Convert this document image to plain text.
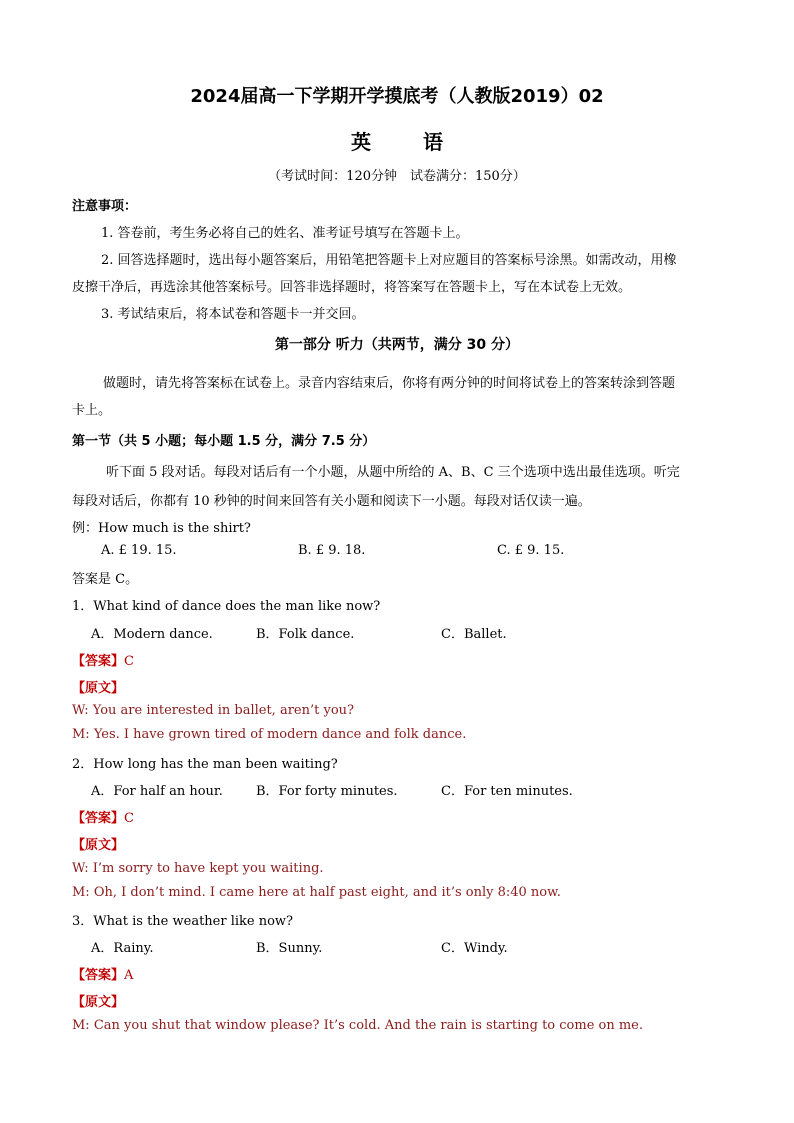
2024届高一下学期开学摸底考（人教版2019）02
英	语
（考试时间：120分钟　试卷满分：150分）
注意事项：
1. 答卷前，考生务必将自己的姓名、准考证号填写在答题卡上。
2. 回答选择题时，选出每小题答案后，用铅笔把答题卡上对应题目的答案标号涂黑。如需改动，用橡
皮擦干净后，再选涂其他答案标号。回答非选择题时，将答案写在答题卡上，写在本试卷上无效。
3. 考试结束后，将本试卷和答题卡一并交回。
第一部分 听力（共两节，满分 30 分）
做题时，请先将答案标在试卷上。录音内容结束后，你将有两分钟的时间将试卷上的答案转涂到答题
卡上。
第一节（共 5 小题；每小题 1.5 分，满分 7.5 分）
听下面 5 段对话。每段对话后有一个小题，从题中所给的 A、B、C 三个选项中选出最佳选项。听完
每段对话后，你都有 10 秒钟的时间来回答有关小题和阅读下一小题。每段对话仅读一遍。
例：How much is the shirt?
A. £ 19. 15.	B. £ 9. 18.	C. £ 9. 15.
答案是 C。
1．What kind of dance does the man like now?
A．Modern dance.	B．Folk dance.	C．Ballet.
【答案】C
【原文】
W: You are interested in ballet, aren’t you?
M: Yes. I have grown tired of modern dance and folk dance.
2．How long has the man been waiting?
A．For half an hour.	B．For forty minutes.	C．For ten minutes.
【答案】C
【原文】
W: I’m sorry to have kept you waiting.
M: Oh, I don’t mind. I came here at half past eight, and it’s only 8:40 now.
3．What is the weather like now?
A．Rainy.	B．Sunny.	C．Windy.
【答案】A
【原文】
M: Can you shut that window please? It’s cold. And the rain is starting to come on me.
